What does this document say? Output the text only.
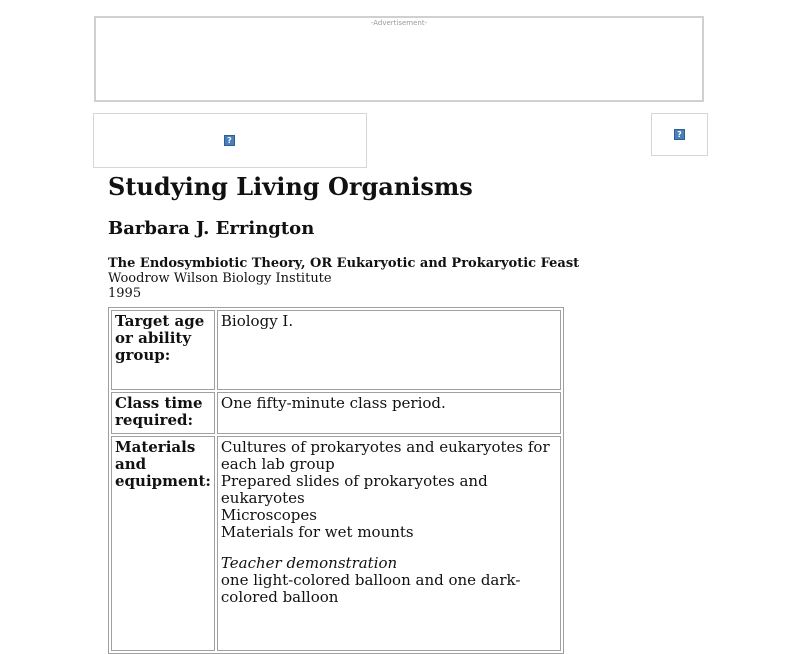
-Advertisement-
?
?
Studying Living Organisms
Barbara J. Errington
The Endosymbiotic Theory, OR Eukaryotic and Prokaryotic Feast
Woodrow Wilson Biology Institute
1995
Target age or ability group:	Biology I.
Class time required:	One fifty-minute class period.
Materials and equipment:	
Cultures of prokaryotes and eukaryotes for each lab group
Prepared slides of prokaryotes and eukaryotes
Microscopes
Materials for wet mounts
Teacher demonstration
one light-colored balloon and one dark- colored balloon
